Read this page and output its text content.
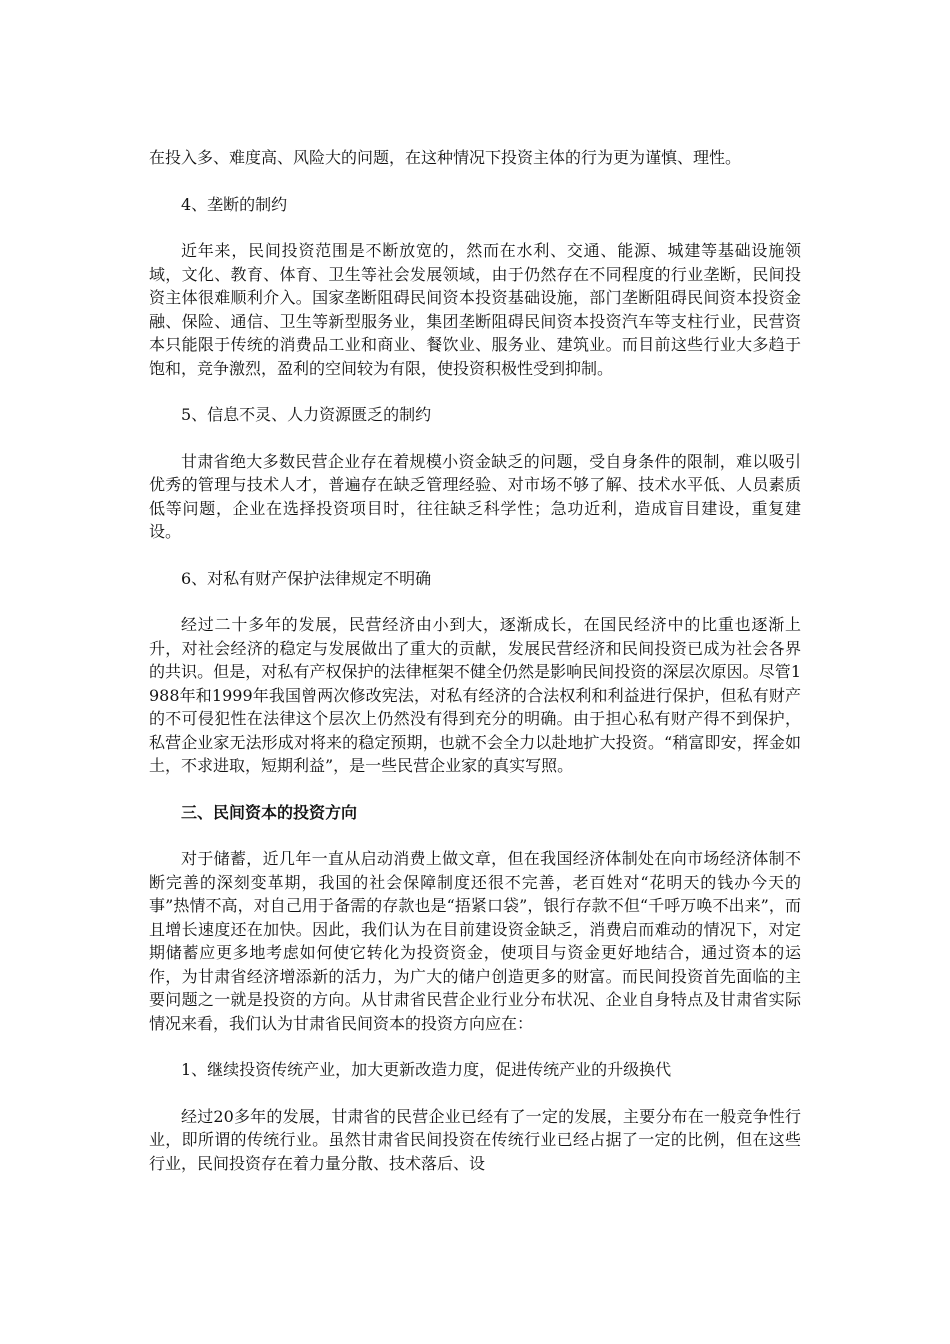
在投入多、难度高、风险大的问题，在这种情况下投资主体的行为更为谨慎、理性。

4、垄断的制约

近年来，民间投资范围是不断放宽的，然而在水利、交通、能源、城建等基础设施领域，文化、教育、体育、卫生等社会发展领域，由于仍然存在不同程度的行业垄断，民间投资主体很难顺利介入。国家垄断阻碍民间资本投资基础设施，部门垄断阻碍民间资本投资金融、保险、通信、卫生等新型服务业，集团垄断阻碍民间资本投资汽车等支柱行业，民营资本只能限于传统的消费品工业和商业、餐饮业、服务业、建筑业。而目前这些行业大多趋于饱和，竞争激烈，盈利的空间较为有限，使投资积极性受到抑制。

5、信息不灵、人力资源匮乏的制约

甘肃省绝大多数民营企业存在着规模小资金缺乏的问题，受自身条件的限制，难以吸引优秀的管理与技术人才，普遍存在缺乏管理经验、对市场不够了解、技术水平低、人员素质低等问题，企业在选择投资项目时，往往缺乏科学性；急功近利，造成盲目建设，重复建设。

6、对私有财产保护法律规定不明确

经过二十多年的发展，民营经济由小到大，逐渐成长，在国民经济中的比重也逐渐上升，对社会经济的稳定与发展做出了重大的贡献，发展民营经济和民间投资已成为社会各界的共识。但是，对私有产权保护的法律框架不健全仍然是影响民间投资的深层次原因。尽管1988年和1999年我国曾两次修改宪法，对私有经济的合法权利和利益进行保护，但私有财产的不可侵犯性在法律这个层次上仍然没有得到充分的明确。由于担心私有财产得不到保护，私营企业家无法形成对将来的稳定预期，也就不会全力以赴地扩大投资。“稍富即安，挥金如土，不求进取，短期利益”，是一些民营企业家的真实写照。

三、民间资本的投资方向

对于储蓄，近几年一直从启动消费上做文章，但在我国经济体制处在向市场经济体制不断完善的深刻变革期，我国的社会保障制度还很不完善，老百姓对“花明天的钱办今天的事”热情不高，对自己用于备需的存款也是“捂紧口袋”，银行存款不但“千呼万唤不出来”，而且增长速度还在加快。因此，我们认为在目前建设资金缺乏，消费启而难动的情况下，对定期储蓄应更多地考虑如何使它转化为投资资金，使项目与资金更好地结合，通过资本的运作，为甘肃省经济增添新的活力，为广大的储户创造更多的财富。而民间投资首先面临的主要问题之一就是投资的方向。从甘肃省民营企业行业分布状况、企业自身特点及甘肃省实际情况来看，我们认为甘肃省民间资本的投资方向应在：

1、继续投资传统产业，加大更新改造力度，促进传统产业的升级换代

经过20多年的发展，甘肃省的民营企业已经有了一定的发展，主要分布在一般竞争性行业，即所谓的传统行业。虽然甘肃省民间投资在传统行业已经占据了一定的比例，但在这些行业，民间投资存在着力量分散、技术落后、设
